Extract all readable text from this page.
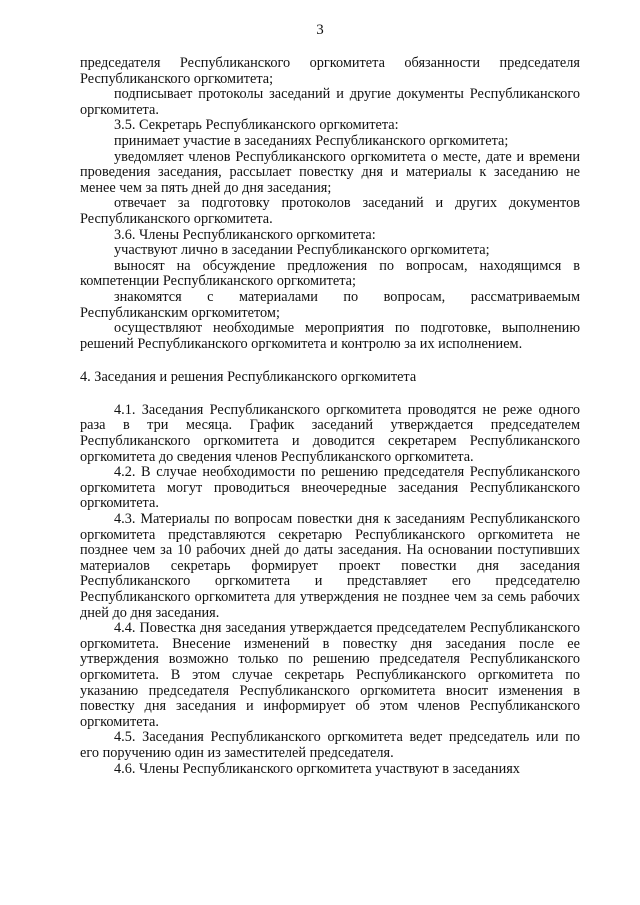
3
председателя Республиканского оргкомитета обязанности председателя Республиканского оргкомитета;
подписывает протоколы заседаний и другие документы Республиканского оргкомитета.
3.5. Секретарь Республиканского оргкомитета:
принимает участие в заседаниях Республиканского оргкомитета;
уведомляет членов Республиканского оргкомитета о месте, дате и времени проведения заседания, рассылает повестку дня и материалы к заседанию не менее чем за пять дней до дня заседания;
отвечает за подготовку протоколов заседаний и других документов Республиканского оргкомитета.
3.6. Члены Республиканского оргкомитета:
участвуют лично в заседании Республиканского оргкомитета;
выносят на обсуждение предложения по вопросам, находящимся в компетенции Республиканского оргкомитета;
знакомятся с материалами по вопросам, рассматриваемым Республиканским оргкомитетом;
осуществляют необходимые мероприятия по подготовке, выполнению решений Республиканского оргкомитета и контролю за их исполнением.
4. Заседания и решения Республиканского оргкомитета
4.1. Заседания Республиканского оргкомитета проводятся не реже одного раза в три месяца. График заседаний утверждается председателем Республиканского оргкомитета и доводится секретарем Республиканского оргкомитета до сведения членов Республиканского оргкомитета.
4.2. В случае необходимости по решению председателя Республиканского оргкомитета могут проводиться внеочередные заседания Республиканского оргкомитета.
4.3. Материалы по вопросам повестки дня к заседаниям Республиканского оргкомитета представляются секретарю Республиканского оргкомитета не позднее чем за 10 рабочих дней до даты заседания. На основании поступивших материалов секретарь формирует проект повестки дня заседания Республиканского оргкомитета и представляет его председателю Республиканского оргкомитета для утверждения не позднее чем за семь рабочих дней до дня заседания.
4.4. Повестка дня заседания утверждается председателем Республиканского оргкомитета. Внесение изменений в повестку дня заседания после ее утверждения возможно только по решению председателя Республиканского оргкомитета. В этом случае секретарь Республиканского оргкомитета по указанию председателя Республиканского оргкомитета вносит изменения в повестку дня заседания и информирует об этом членов Республиканского оргкомитета.
4.5. Заседания Республиканского оргкомитета ведет председатель или по его поручению один из заместителей председателя.
4.6. Члены Республиканского оргкомитета участвуют в заседаниях
